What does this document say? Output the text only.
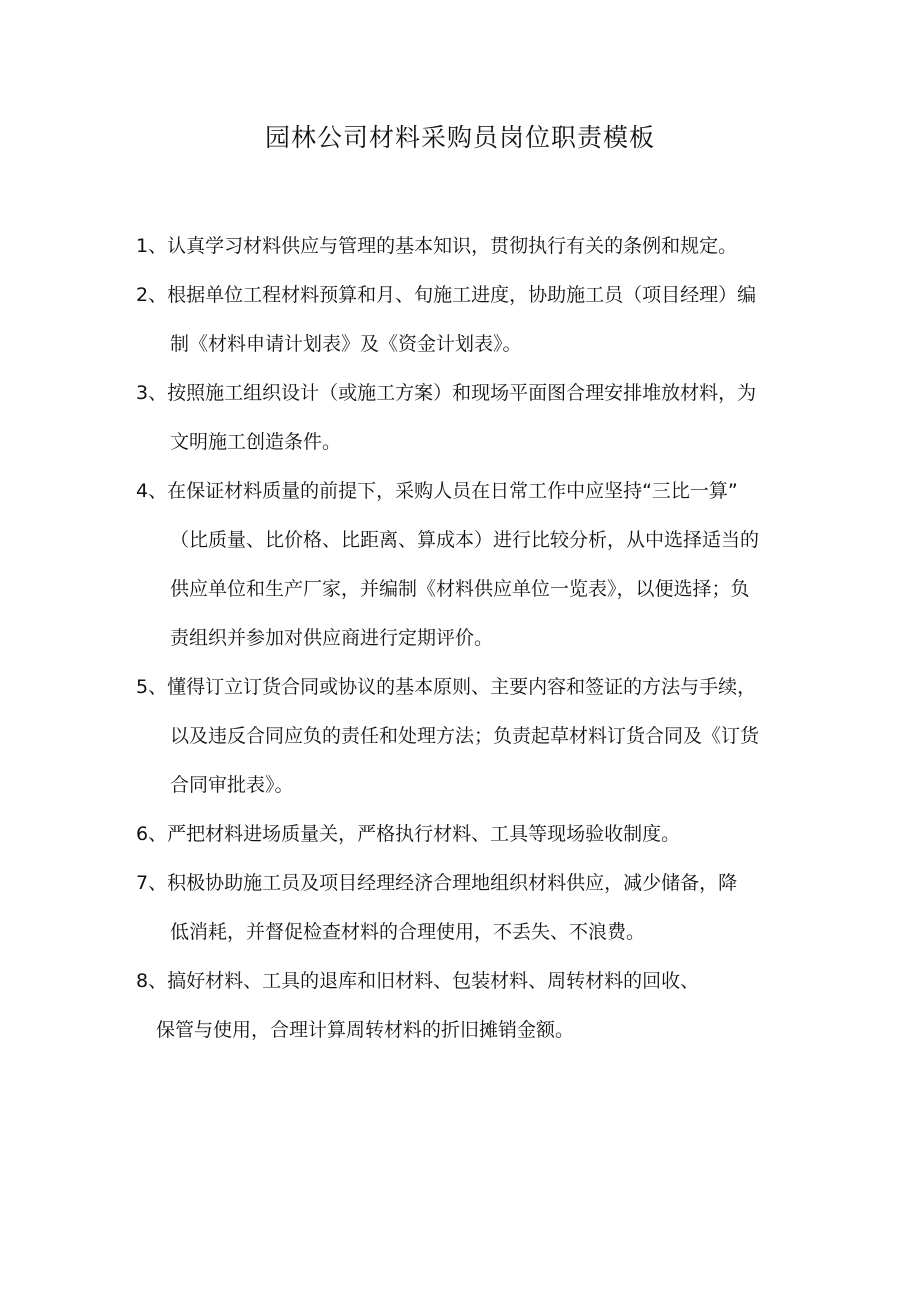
园林公司材料采购员岗位职责模板
1、认真学习材料供应与管理的基本知识，贯彻执行有关的条例和规定。
2、根据单位工程材料预算和月、旬施工进度，协助施工员（项目经理）编
制《材料申请计划表》及《资金计划表》。
3、按照施工组织设计（或施工方案）和现场平面图合理安排堆放材料，为
文明施工创造条件。
4、在保证材料质量的前提下，采购人员在日常工作中应坚持“三比一算”
（比质量、比价格、比距离、算成本）进行比较分析，从中选择适当的
供应单位和生产厂家，并编制《材料供应单位一览表》，以便选择；负
责组织并参加对供应商进行定期评价。
5、懂得订立订货合同或协议的基本原则、主要内容和签证的方法与手续，
以及违反合同应负的责任和处理方法；负责起草材料订货合同及《订货
合同审批表》。
6、严把材料进场质量关，严格执行材料、工具等现场验收制度。
7、积极协助施工员及项目经理经济合理地组织材料供应，减少储备，降
低消耗，并督促检查材料的合理使用，不丢失、不浪费。
8、搞好材料、工具的退库和旧材料、包装材料、周转材料的回收、
保管与使用，合理计算周转材料的折旧摊销金额。
